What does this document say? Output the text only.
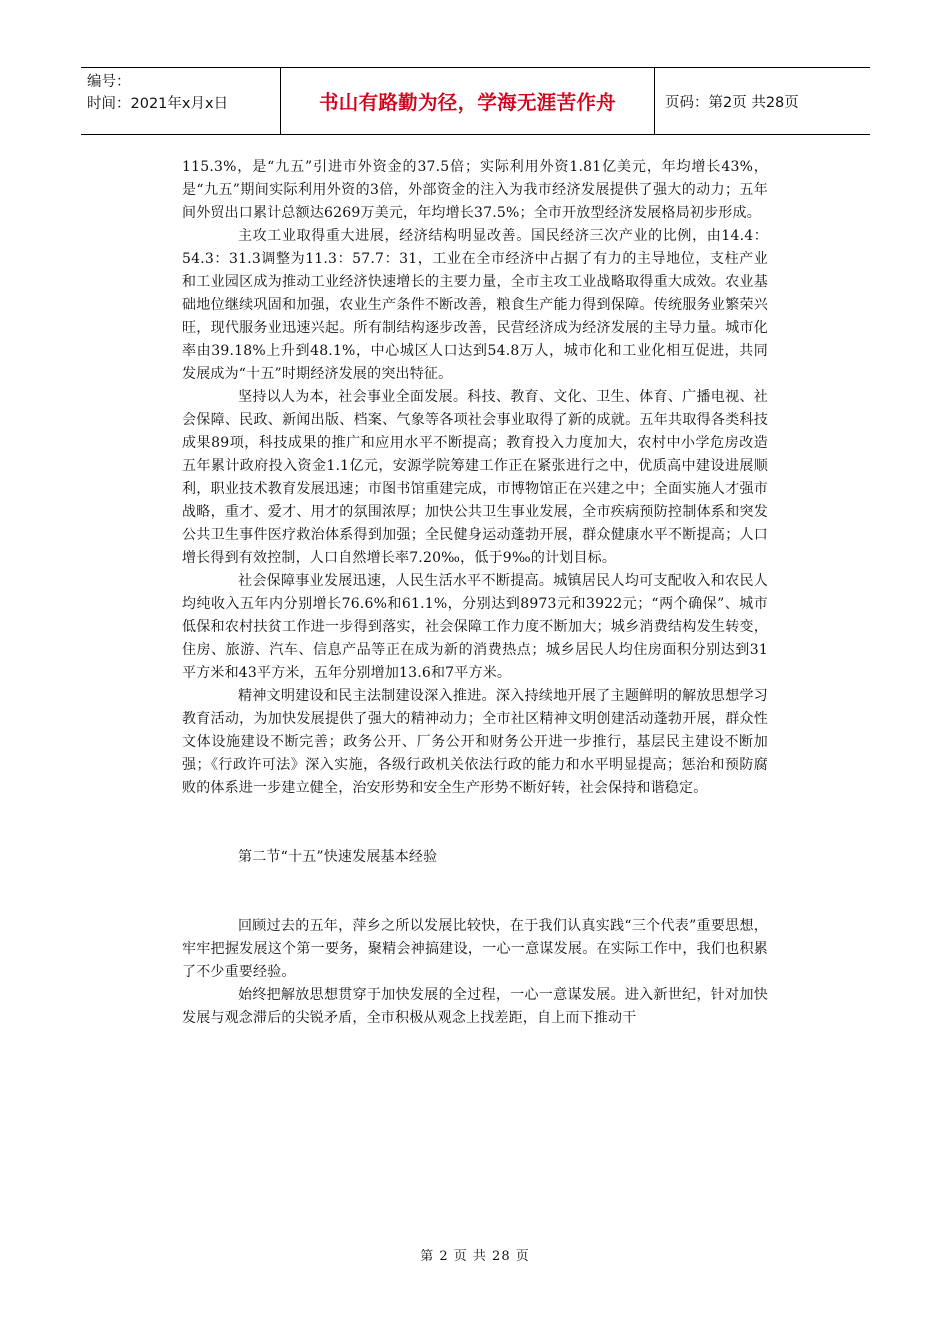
编号：
时间：2021年x月x日	书山有路勤为径，学海无涯苦作舟	页码：第2页 共28页

115.3%，是“九五”引进市外资金的37.5倍；实际利用外资1.81亿美元，年均增长43%，是“九五”期间实际利用外资的3倍，外部资金的注入为我市经济发展提供了强大的动力；五年间外贸出口累计总额达6269万美元，年均增长37.5%；全市开放型经济发展格局初步形成。

主攻工业取得重大进展，经济结构明显改善。国民经济三次产业的比例，由14.4：54.3：31.3调整为11.3：57.7：31，工业在全市经济中占据了有力的主导地位，支柱产业和工业园区成为推动工业经济快速增长的主要力量，全市主攻工业战略取得重大成效。农业基础地位继续巩固和加强，农业生产条件不断改善，粮食生产能力得到保障。传统服务业繁荣兴旺，现代服务业迅速兴起。所有制结构逐步改善，民营经济成为经济发展的主导力量。城市化率由39.18%上升到48.1%，中心城区人口达到54.8万人，城市化和工业化相互促进，共同发展成为“十五”时期经济发展的突出特征。

坚持以人为本，社会事业全面发展。科技、教育、文化、卫生、体育、广播电视、社会保障、民政、新闻出版、档案、气象等各项社会事业取得了新的成就。五年共取得各类科技成果89项，科技成果的推广和应用水平不断提高；教育投入力度加大，农村中小学危房改造五年累计政府投入资金1.1亿元，安源学院筹建工作正在紧张进行之中，优质高中建设进展顺利，职业技术教育发展迅速；市图书馆重建完成，市博物馆正在兴建之中；全面实施人才强市战略，重才、爱才、用才的氛围浓厚；加快公共卫生事业发展，全市疾病预防控制体系和突发公共卫生事件医疗救治体系得到加强；全民健身运动蓬勃开展，群众健康水平不断提高；人口增长得到有效控制，人口自然增长率7.20‰，低于9‰的计划目标。

社会保障事业发展迅速，人民生活水平不断提高。城镇居民人均可支配收入和农民人均纯收入五年内分别增长76.6%和61.1%，分别达到8973元和3922元；“两个确保”、城市低保和农村扶贫工作进一步得到落实，社会保障工作力度不断加大；城乡消费结构发生转变，住房、旅游、汽车、信息产品等正在成为新的消费热点；城乡居民人均住房面积分别达到31平方米和43平方米，五年分别增加13.6和7平方米。

精神文明建设和民主法制建设深入推进。深入持续地开展了主题鲜明的解放思想学习教育活动，为加快发展提供了强大的精神动力；全市社区精神文明创建活动蓬勃开展，群众性文体设施建设不断完善；政务公开、厂务公开和财务公开进一步推行，基层民主建设不断加强；《行政许可法》深入实施，各级行政机关依法行政的能力和水平明显提高；惩治和预防腐败的体系进一步建立健全，治安形势和安全生产形势不断好转，社会保持和谐稳定。

第二节“十五”快速发展基本经验

回顾过去的五年，萍乡之所以发展比较快，在于我们认真实践“三个代表”重要思想，牢牢把握发展这个第一要务，聚精会神搞建设，一心一意谋发展。在实际工作中，我们也积累了不少重要经验。

始终把解放思想贯穿于加快发展的全过程，一心一意谋发展。进入新世纪，针对加快发展与观念滞后的尖锐矛盾，全市积极从观念上找差距，自上而下推动干

第 2 页 共 28 页
